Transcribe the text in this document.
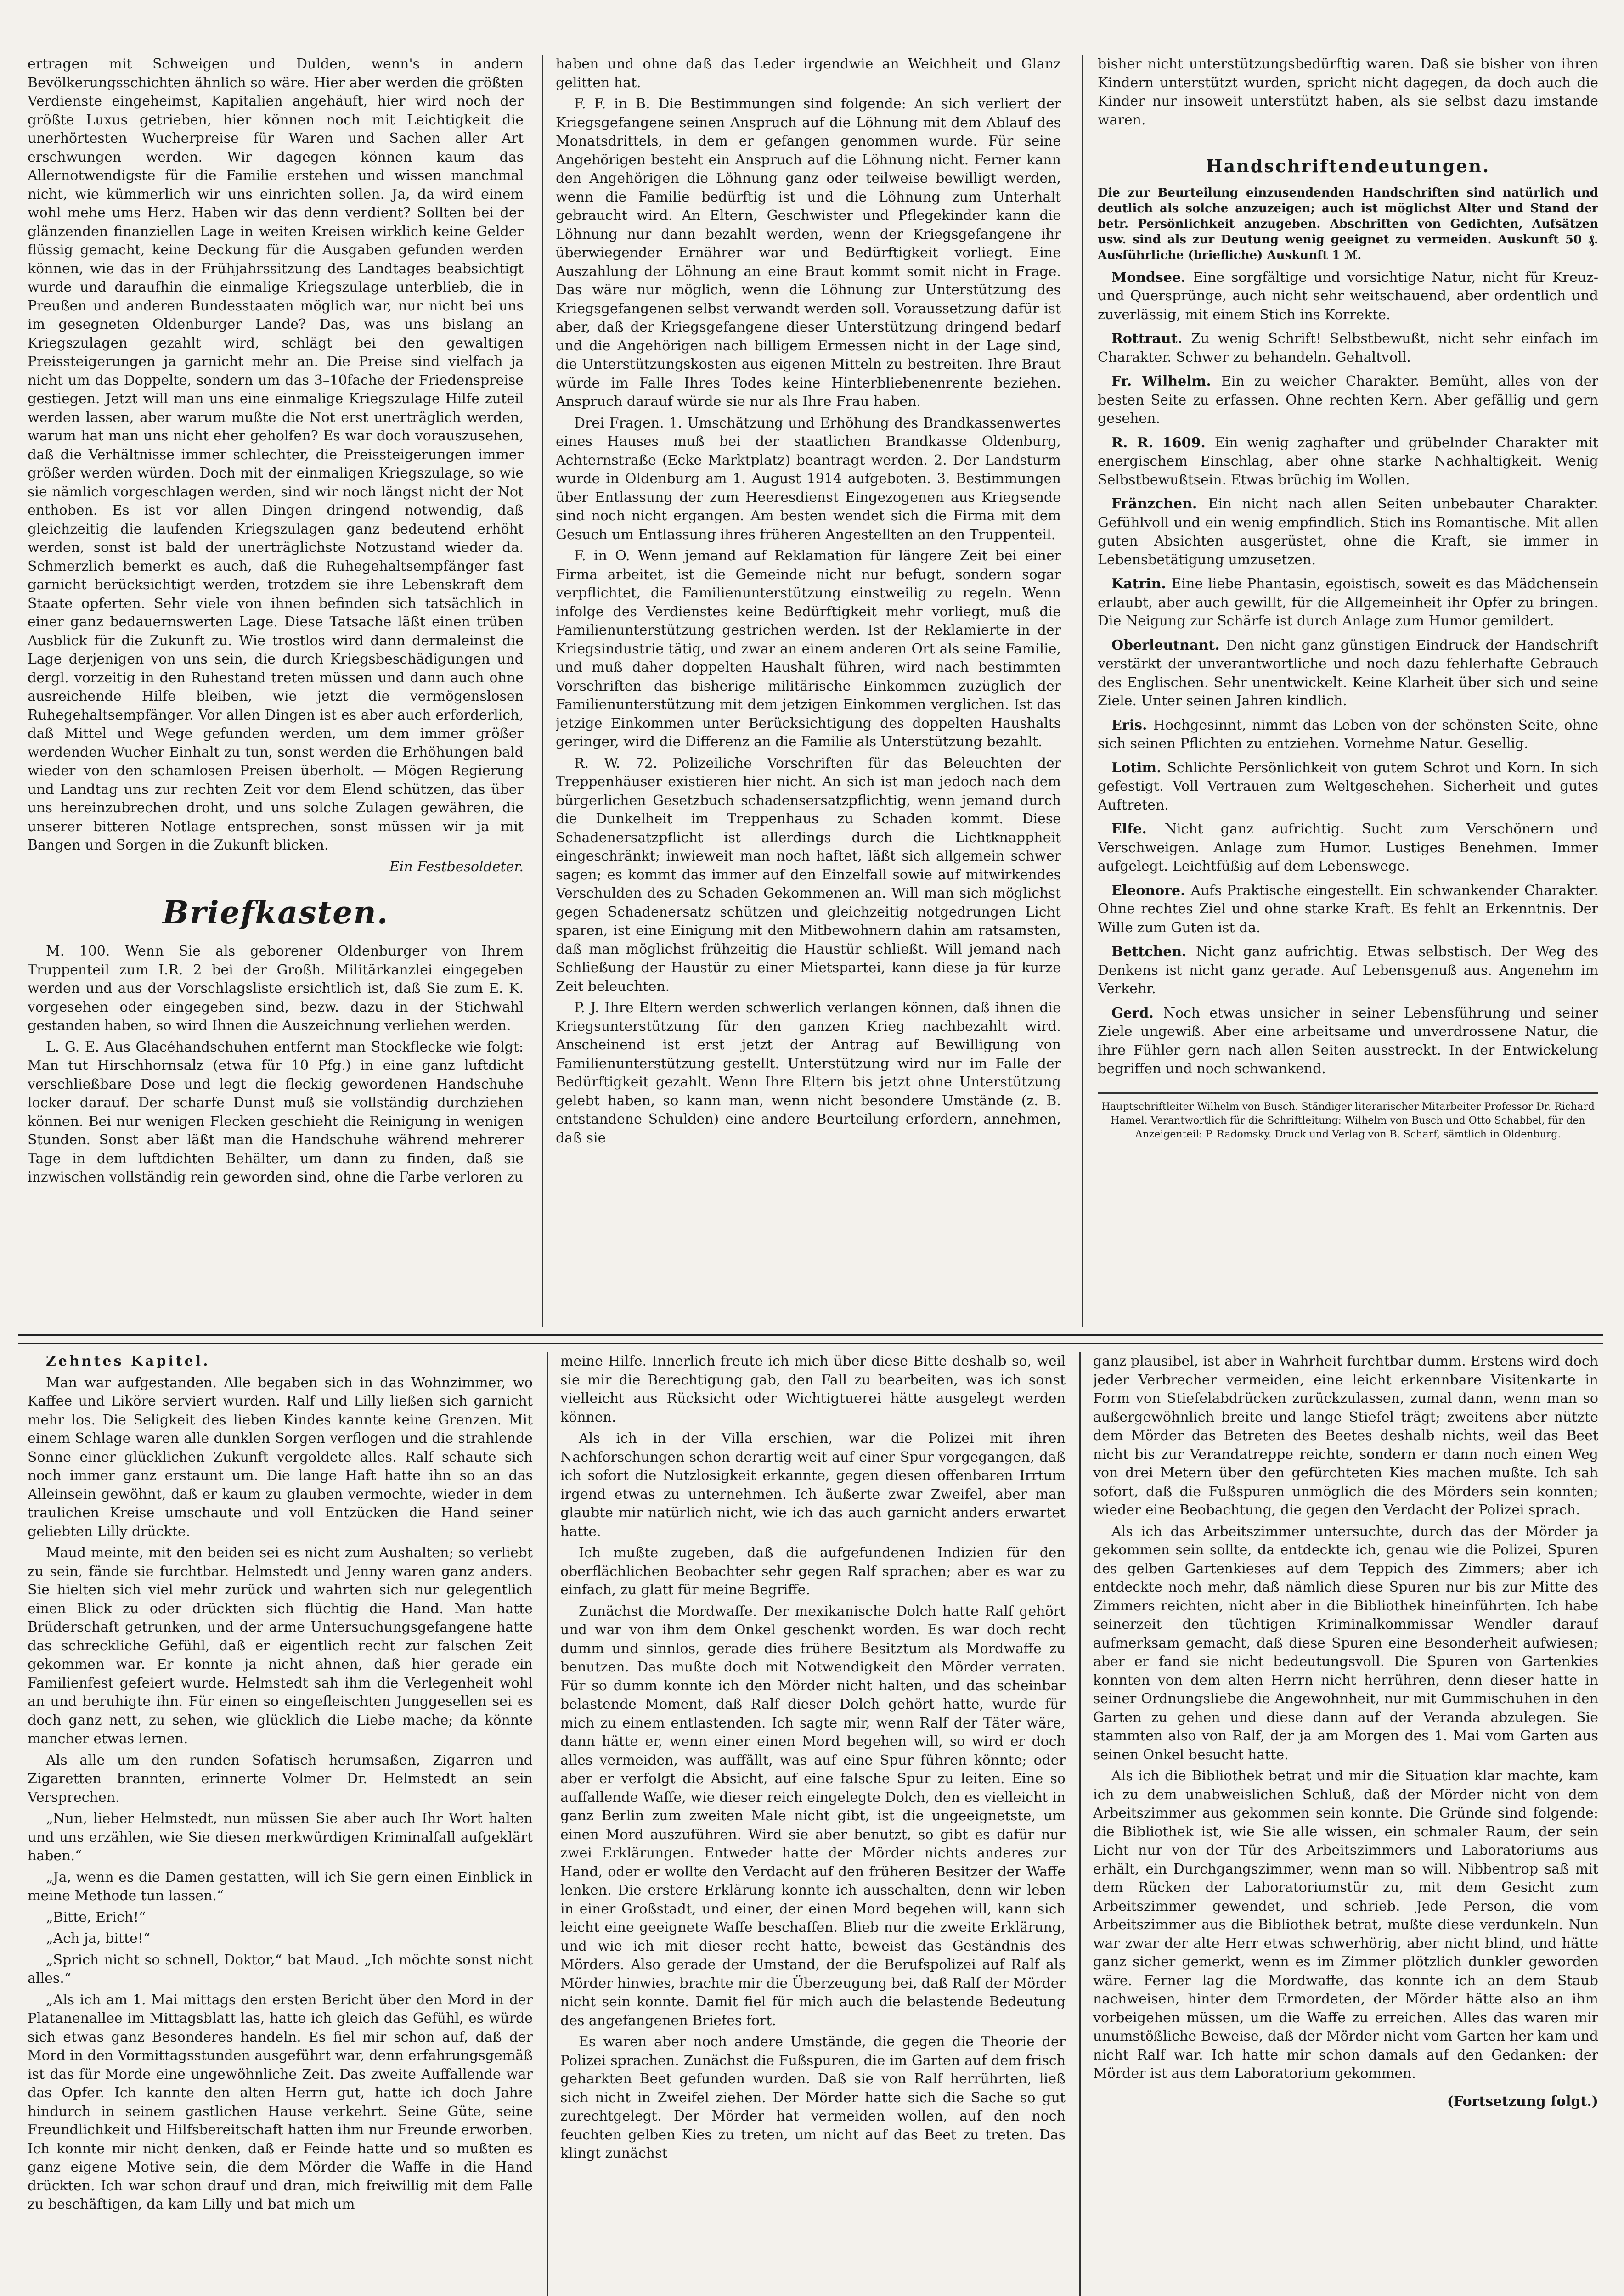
ertragen mit Schweigen und Dulden, wenn's in andern Bevölkerungsschichten ähnlich so wäre. Hier aber werden die größten Verdienste eingeheimst, Kapitalien angehäuft, hier wird noch der größte Luxus getrieben, hier können noch mit Leichtigkeit die unerhörtesten Wucherpreise für Waren und Sachen aller Art erschwungen werden. Wir dagegen können kaum das Allernotwendigste für die Familie erstehen und wissen manchmal nicht, wie kümmerlich wir uns einrichten sollen. Ja, da wird einem wohl mehe ums Herz. Haben wir das denn verdient? Sollten bei der glänzenden finanziellen Lage in weiten Kreisen wirklich keine Gelder flüssig gemacht, keine Deckung für die Ausgaben gefunden werden können, wie das in der Frühjahrssitzung des Landtages beabsichtigt wurde und daraufhin die einmalige Kriegszulage unterblieb, die in Preußen und anderen Bundesstaaten möglich war, nur nicht bei uns im gesegneten Oldenburger Lande? Das, was uns bislang an Kriegszulagen gezahlt wird, schlägt bei den gewaltigen Preissteigerungen ja garnicht mehr an. Die Preise sind vielfach ja nicht um das Doppelte, sondern um das 3–10fache der Friedenspreise gestiegen. Jetzt will man uns eine einmalige Kriegszulage Hilfe zuteil werden lassen, aber warum mußte die Not erst unerträglich werden, warum hat man uns nicht eher geholfen? Es war doch vorauszusehen, daß die Verhältnisse immer schlechter, die Preissteigerungen immer größer werden würden. Doch mit der einmaligen Kriegszulage, so wie sie nämlich vorgeschlagen werden, sind wir noch längst nicht der Not enthoben. Es ist vor allen Dingen dringend notwendig, daß gleichzeitig die laufenden Kriegszulagen ganz bedeutend erhöht werden, sonst ist bald der unerträglichste Notzustand wieder da. Schmerzlich bemerkt es auch, daß die Ruhegehaltsempfänger fast garnicht berücksichtigt werden, trotzdem sie ihre Lebenskraft dem Staate opferten. Sehr viele von ihnen befinden sich tatsächlich in einer ganz bedauernswerten Lage. Diese Tatsache läßt einen trüben Ausblick für die Zukunft zu. Wie trostlos wird dann dermaleinst die Lage derjenigen von uns sein, die durch Kriegsbeschädigungen und dergl. vorzeitig in den Ruhestand treten müssen und dann auch ohne ausreichende Hilfe bleiben, wie jetzt die vermögenslosen Ruhegehaltsempfänger. Vor allen Dingen ist es aber auch erforderlich, daß Mittel und Wege gefunden werden, um dem immer größer werdenden Wucher Einhalt zu tun, sonst werden die Erhöhungen bald wieder von den schamlosen Preisen überholt. — Mögen Regierung und Landtag uns zur rechten Zeit vor dem Elend schützen, das über uns hereinzubrechen droht, und uns solche Zulagen gewähren, die unserer bitteren Notlage entsprechen, sonst müssen wir ja mit Bangen und Sorgen in die Zukunft blicken.

Ein Festbesoldeter.
Briefkasten.

M. 100. Wenn Sie als geborener Oldenburger von Ihrem Truppenteil zum I.R. 2 bei der Großh. Militärkanzlei eingegeben werden und aus der Vorschlagsliste ersichtlich ist, daß Sie zum E. K. vorgesehen oder eingegeben sind, bezw. dazu in der Stichwahl gestanden haben, so wird Ihnen die Auszeichnung verliehen werden.

L. G. E. Aus Glacéhandschuhen entfernt man Stockflecke wie folgt: Man tut Hirschhornsalz (etwa für 10 Pfg.) in eine ganz luftdicht verschließbare Dose und legt die fleckig gewordenen Handschuhe locker darauf. Der scharfe Dunst muß sie vollständig durchziehen können. Bei nur wenigen Flecken geschieht die Reinigung in wenigen Stunden. Sonst aber läßt man die Handschuhe während mehrerer Tage in dem luftdichten Behälter, um dann zu finden, daß sie inzwischen vollständig rein geworden sind, ohne die Farbe verloren zu

haben und ohne daß das Leder irgendwie an Weichheit und Glanz gelitten hat.

F. F. in B. Die Bestimmungen sind folgende: An sich verliert der Kriegsgefangene seinen Anspruch auf die Löhnung mit dem Ablauf des Monatsdrittels, in dem er gefangen genommen wurde. Für seine Angehörigen besteht ein Anspruch auf die Löhnung nicht. Ferner kann den Angehörigen die Löhnung ganz oder teilweise bewilligt werden, wenn die Familie bedürftig ist und die Löhnung zum Unterhalt gebraucht wird. An Eltern, Geschwister und Pflegekinder kann die Löhnung nur dann bezahlt werden, wenn der Kriegsgefangene ihr überwiegender Ernährer war und Bedürftigkeit vorliegt. Eine Auszahlung der Löhnung an eine Braut kommt somit nicht in Frage. Das wäre nur möglich, wenn die Löhnung zur Unterstützung des Kriegsgefangenen selbst verwandt werden soll. Voraussetzung dafür ist aber, daß der Kriegsgefangene dieser Unterstützung dringend bedarf und die Angehörigen nach billigem Ermessen nicht in der Lage sind, die Unterstützungskosten aus eigenen Mitteln zu bestreiten. Ihre Braut würde im Falle Ihres Todes keine Hinterbliebenenrente beziehen. Anspruch darauf würde sie nur als Ihre Frau haben.

Drei Fragen. 1. Umschätzung und Erhöhung des Brandkassenwertes eines Hauses muß bei der staatlichen Brandkasse Oldenburg, Achternstraße (Ecke Marktplatz) beantragt werden. 2. Der Landsturm wurde in Oldenburg am 1. August 1914 aufgeboten. 3. Bestimmungen über Entlassung der zum Heeresdienst Eingezogenen aus Kriegsende sind noch nicht ergangen. Am besten wendet sich die Firma mit dem Gesuch um Entlassung ihres früheren Angestellten an den Truppenteil.

F. in O. Wenn jemand auf Reklamation für längere Zeit bei einer Firma arbeitet, ist die Gemeinde nicht nur befugt, sondern sogar verpflichtet, die Familienunterstützung einstweilig zu regeln. Wenn infolge des Verdienstes keine Bedürftigkeit mehr vorliegt, muß die Familienunterstützung gestrichen werden. Ist der Reklamierte in der Kriegsindustrie tätig, und zwar an einem anderen Ort als seine Familie, und muß daher doppelten Haushalt führen, wird nach bestimmten Vorschriften das bisherige militärische Einkommen zuzüglich der Familienunterstützung mit dem jetzigen Einkommen verglichen. Ist das jetzige Einkommen unter Berücksichtigung des doppelten Haushalts geringer, wird die Differenz an die Familie als Unterstützung bezahlt.

R. W. 72. Polizeiliche Vorschriften für das Beleuchten der Treppenhäuser existieren hier nicht. An sich ist man jedoch nach dem bürgerlichen Gesetzbuch schadensersatzpflichtig, wenn jemand durch die Dunkelheit im Treppenhaus zu Schaden kommt. Diese Schadenersatzpflicht ist allerdings durch die Lichtknappheit eingeschränkt; inwieweit man noch haftet, läßt sich allgemein schwer sagen; es kommt das immer auf den Einzelfall sowie auf mitwirkendes Verschulden des zu Schaden Gekommenen an. Will man sich möglichst gegen Schadenersatz schützen und gleichzeitig notgedrungen Licht sparen, ist eine Einigung mit den Mitbewohnern dahin am ratsamsten, daß man möglichst frühzeitig die Haustür schließt. Will jemand nach Schließung der Haustür zu einer Mietspartei, kann diese ja für kurze Zeit beleuchten.

P. J. Ihre Eltern werden schwerlich verlangen können, daß ihnen die Kriegsunterstützung für den ganzen Krieg nachbezahlt wird. Anscheinend ist erst jetzt der Antrag auf Bewilligung von Familienunterstützung gestellt. Unterstützung wird nur im Falle der Bedürftigkeit gezahlt. Wenn Ihre Eltern bis jetzt ohne Unterstützung gelebt haben, so kann man, wenn nicht besondere Umstände (z. B. entstandene Schulden) eine andere Beurteilung erfordern, annehmen, daß sie

bisher nicht unterstützungsbedürftig waren. Daß sie bisher von ihren Kindern unterstützt wurden, spricht nicht dagegen, da doch auch die Kinder nur insoweit unterstützt haben, als sie selbst dazu imstande waren.

Handschriftendeutungen.

Die zur Beurteilung einzusendenden Handschriften sind natürlich und deutlich als solche anzuzeigen; auch ist möglichst Alter und Stand der betr. Persönlichkeit anzugeben. Abschriften von Gedichten, Aufsätzen usw. sind als zur Deutung wenig geeignet zu vermeiden. Auskunft 50 ₰. Ausführliche (briefliche) Auskunft 1 ℳ.

Mondsee. Eine sorgfältige und vorsichtige Natur, nicht für Kreuz- und Quersprünge, auch nicht sehr weitschauend, aber ordentlich und zuverlässig, mit einem Stich ins Korrekte.

Rottraut. Zu wenig Schrift! Selbstbewußt, nicht sehr einfach im Charakter. Schwer zu behandeln. Gehaltvoll.

Fr. Wilhelm. Ein zu weicher Charakter. Bemüht, alles von der besten Seite zu erfassen. Ohne rechten Kern. Aber gefällig und gern gesehen.

R. R. 1609. Ein wenig zaghafter und grübelnder Charakter mit energischem Einschlag, aber ohne starke Nachhaltigkeit. Wenig Selbstbewußtsein. Etwas brüchig im Wollen.

Fränzchen. Ein nicht nach allen Seiten unbebauter Charakter. Gefühlvoll und ein wenig empfindlich. Stich ins Romantische. Mit allen guten Absichten ausgerüstet, ohne die Kraft, sie immer in Lebensbetätigung umzusetzen.

Katrin. Eine liebe Phantasin, egoistisch, soweit es das Mädchensein erlaubt, aber auch gewillt, für die Allgemeinheit ihr Opfer zu bringen. Die Neigung zur Schärfe ist durch Anlage zum Humor gemildert.

Oberleutnant. Den nicht ganz günstigen Eindruck der Handschrift verstärkt der unverantwortliche und noch dazu fehlerhafte Gebrauch des Englischen. Sehr unentwickelt. Keine Klarheit über sich und seine Ziele. Unter seinen Jahren kindlich.

Eris. Hochgesinnt, nimmt das Leben von der schönsten Seite, ohne sich seinen Pflichten zu entziehen. Vornehme Natur. Gesellig.

Lotim. Schlichte Persönlichkeit von gutem Schrot und Korn. In sich gefestigt. Voll Vertrauen zum Weltgeschehen. Sicherheit und gutes Auftreten.

Elfe. Nicht ganz aufrichtig. Sucht zum Verschönern und Verschweigen. Anlage zum Humor. Lustiges Benehmen. Immer aufgelegt. Leichtfüßig auf dem Lebenswege.

Eleonore. Aufs Praktische eingestellt. Ein schwankender Charakter. Ohne rechtes Ziel und ohne starke Kraft. Es fehlt an Erkenntnis. Der Wille zum Guten ist da.

Bettchen. Nicht ganz aufrichtig. Etwas selbstisch. Der Weg des Denkens ist nicht ganz gerade. Auf Lebensgenuß aus. Angenehm im Verkehr.

Gerd. Noch etwas unsicher in seiner Lebensführung und seiner Ziele ungewiß. Aber eine arbeitsame und unverdrossene Natur, die ihre Fühler gern nach allen Seiten ausstreckt. In der Entwickelung begriffen und noch schwankend.

Hauptschriftleiter Wilhelm von Busch. Ständiger literarischer Mitarbeiter Professor Dr. Richard Hamel. Verantwortlich für die Schriftleitung: Wilhelm von Busch und Otto Schabbel, für den Anzeigenteil: P. Radomsky. Druck und Verlag von B. Scharf, sämtlich in Oldenburg.

Zehntes Kapitel.

Man war aufgestanden. Alle begaben sich in das Wohnzimmer, wo Kaffee und Liköre serviert wurden. Ralf und Lilly ließen sich garnicht mehr los. Die Seligkeit des lieben Kindes kannte keine Grenzen. Mit einem Schlage waren alle dunklen Sorgen verflogen und die strahlende Sonne einer glücklichen Zukunft vergoldete alles. Ralf schaute sich noch immer ganz erstaunt um. Die lange Haft hatte ihn so an das Alleinsein gewöhnt, daß er kaum zu glauben vermochte, wieder in dem traulichen Kreise umschaute und voll Entzücken die Hand seiner geliebten Lilly drückte.

Maud meinte, mit den beiden sei es nicht zum Aushalten; so verliebt zu sein, fände sie furchtbar. Helmstedt und Jenny waren ganz anders. Sie hielten sich viel mehr zurück und wahrten sich nur gelegentlich einen Blick zu oder drückten sich flüchtig die Hand. Man hatte Brüderschaft getrunken, und der arme Untersuchungsgefangene hatte das schreckliche Gefühl, daß er eigentlich recht zur falschen Zeit gekommen war. Er konnte ja nicht ahnen, daß hier gerade ein Familienfest gefeiert wurde. Helmstedt sah ihm die Verlegenheit wohl an und beruhigte ihn. Für einen so eingefleischten Junggesellen sei es doch ganz nett, zu sehen, wie glücklich die Liebe mache; da könnte mancher etwas lernen.

Als alle um den runden Sofatisch herumsaßen, Zigarren und Zigaretten brannten, erinnerte Volmer Dr. Helmstedt an sein Versprechen.

„Nun, lieber Helmstedt, nun müssen Sie aber auch Ihr Wort halten und uns erzählen, wie Sie diesen merkwürdigen Kriminalfall aufgeklärt haben.“

„Ja, wenn es die Damen gestatten, will ich Sie gern einen Einblick in meine Methode tun lassen.“

„Bitte, Erich!“

„Ach ja, bitte!“

„Sprich nicht so schnell, Doktor,“ bat Maud. „Ich möchte sonst nicht alles.“

„Als ich am 1. Mai mittags den ersten Bericht über den Mord in der Platanenallee im Mittagsblatt las, hatte ich gleich das Gefühl, es würde sich etwas ganz Besonderes handeln. Es fiel mir schon auf, daß der Mord in den Vormittagsstunden ausgeführt war, denn erfahrungsgemäß ist das für Morde eine ungewöhnliche Zeit. Das zweite Auffallende war das Opfer. Ich kannte den alten Herrn gut, hatte ich doch Jahre hindurch in seinem gastlichen Hause verkehrt. Seine Güte, seine Freundlichkeit und Hilfsbereitschaft hatten ihm nur Freunde erworben. Ich konnte mir nicht denken, daß er Feinde hatte und so mußten es ganz eigene Motive sein, die dem Mörder die Waffe in die Hand drückten. Ich war schon drauf und dran, mich freiwillig mit dem Falle zu beschäftigen, da kam Lilly und bat mich um

meine Hilfe. Innerlich freute ich mich über diese Bitte deshalb so, weil sie mir die Berechtigung gab, den Fall zu bearbeiten, was ich sonst vielleicht aus Rücksicht oder Wichtigtuerei hätte ausgelegt werden können.

Als ich in der Villa erschien, war die Polizei mit ihren Nachforschungen schon derartig weit auf einer Spur vorgegangen, daß ich sofort die Nutzlosigkeit erkannte, gegen diesen offenbaren Irrtum irgend etwas zu unternehmen. Ich äußerte zwar Zweifel, aber man glaubte mir natürlich nicht, wie ich das auch garnicht anders erwartet hatte.

Ich mußte zugeben, daß die aufgefundenen Indizien für den oberflächlichen Beobachter sehr gegen Ralf sprachen; aber es war zu einfach, zu glatt für meine Begriffe.

Zunächst die Mordwaffe. Der mexikanische Dolch hatte Ralf gehört und war von ihm dem Onkel geschenkt worden. Es war doch recht dumm und sinnlos, gerade dies frühere Besitztum als Mordwaffe zu benutzen. Das mußte doch mit Notwendigkeit den Mörder verraten. Für so dumm konnte ich den Mörder nicht halten, und das scheinbar belastende Moment, daß Ralf dieser Dolch gehört hatte, wurde für mich zu einem entlastenden. Ich sagte mir, wenn Ralf der Täter wäre, dann hätte er, wenn einer einen Mord begehen will, so wird er doch alles vermeiden, was auffällt, was auf eine Spur führen könnte; oder aber er verfolgt die Absicht, auf eine falsche Spur zu leiten. Eine so auffallende Waffe, wie dieser reich eingelegte Dolch, den es vielleicht in ganz Berlin zum zweiten Male nicht gibt, ist die ungeeignetste, um einen Mord auszuführen. Wird sie aber benutzt, so gibt es dafür nur zwei Erklärungen. Entweder hatte der Mörder nichts anderes zur Hand, oder er wollte den Verdacht auf den früheren Besitzer der Waffe lenken. Die erstere Erklärung konnte ich ausschalten, denn wir leben in einer Großstadt, und einer, der einen Mord begehen will, kann sich leicht eine geeignete Waffe beschaffen. Blieb nur die zweite Erklärung, und wie ich mit dieser recht hatte, beweist das Geständnis des Mörders. Also gerade der Umstand, der die Berufspolizei auf Ralf als Mörder hinwies, brachte mir die Überzeugung bei, daß Ralf der Mörder nicht sein konnte. Damit fiel für mich auch die belastende Bedeutung des angefangenen Briefes fort.

Es waren aber noch andere Umstände, die gegen die Theorie der Polizei sprachen. Zunächst die Fußspuren, die im Garten auf dem frisch geharkten Beet gefunden wurden. Daß sie von Ralf herrührten, ließ sich nicht in Zweifel ziehen. Der Mörder hatte sich die Sache so gut zurechtgelegt. Der Mörder hat vermeiden wollen, auf den noch feuchten gelben Kies zu treten, um nicht auf das Beet zu treten. Das klingt zunächst

ganz plausibel, ist aber in Wahrheit furchtbar dumm. Erstens wird doch jeder Verbrecher vermeiden, eine leicht erkennbare Visitenkarte in Form von Stiefelabdrücken zurückzulassen, zumal dann, wenn man so außergewöhnlich breite und lange Stiefel trägt; zweitens aber nützte dem Mörder das Betreten des Beetes deshalb nichts, weil das Beet nicht bis zur Verandatreppe reichte, sondern er dann noch einen Weg von drei Metern über den gefürchteten Kies machen mußte. Ich sah sofort, daß die Fußspuren unmöglich die des Mörders sein konnten; wieder eine Beobachtung, die gegen den Verdacht der Polizei sprach.

Als ich das Arbeitszimmer untersuchte, durch das der Mörder ja gekommen sein sollte, da entdeckte ich, genau wie die Polizei, Spuren des gelben Gartenkieses auf dem Teppich des Zimmers; aber ich entdeckte noch mehr, daß nämlich diese Spuren nur bis zur Mitte des Zimmers reichten, nicht aber in die Bibliothek hineinführten. Ich habe seinerzeit den tüchtigen Kriminalkommissar Wendler darauf aufmerksam gemacht, daß diese Spuren eine Besonderheit aufwiesen; aber er fand sie nicht bedeutungsvoll. Die Spuren von Gartenkies konnten von dem alten Herrn nicht herrühren, denn dieser hatte in seiner Ordnungsliebe die Angewohnheit, nur mit Gummischuhen in den Garten zu gehen und diese dann auf der Veranda abzulegen. Sie stammten also von Ralf, der ja am Morgen des 1. Mai vom Garten aus seinen Onkel besucht hatte.

Als ich die Bibliothek betrat und mir die Situation klar machte, kam ich zu dem unabweislichen Schluß, daß der Mörder nicht von dem Arbeitszimmer aus gekommen sein konnte. Die Gründe sind folgende: die Bibliothek ist, wie Sie alle wissen, ein schmaler Raum, der sein Licht nur von der Tür des Arbeitszimmers und Laboratoriums aus erhält, ein Durchgangszimmer, wenn man so will. Nibbentrop saß mit dem Rücken der Laboratoriumstür zu, mit dem Gesicht zum Arbeitszimmer gewendet, und schrieb. Jede Person, die vom Arbeitszimmer aus die Bibliothek betrat, mußte diese verdunkeln. Nun war zwar der alte Herr etwas schwerhörig, aber nicht blind, und hätte ganz sicher gemerkt, wenn es im Zimmer plötzlich dunkler geworden wäre. Ferner lag die Mordwaffe, das konnte ich an dem Staub nachweisen, hinter dem Ermordeten, der Mörder hätte also an ihm vorbeigehen müssen, um die Waffe zu erreichen. Alles das waren mir unumstößliche Beweise, daß der Mörder nicht vom Garten her kam und nicht Ralf war. Ich hatte mir schon damals auf den Gedanken: der Mörder ist aus dem Laboratorium gekommen.

(Fortsetzung folgt.)
